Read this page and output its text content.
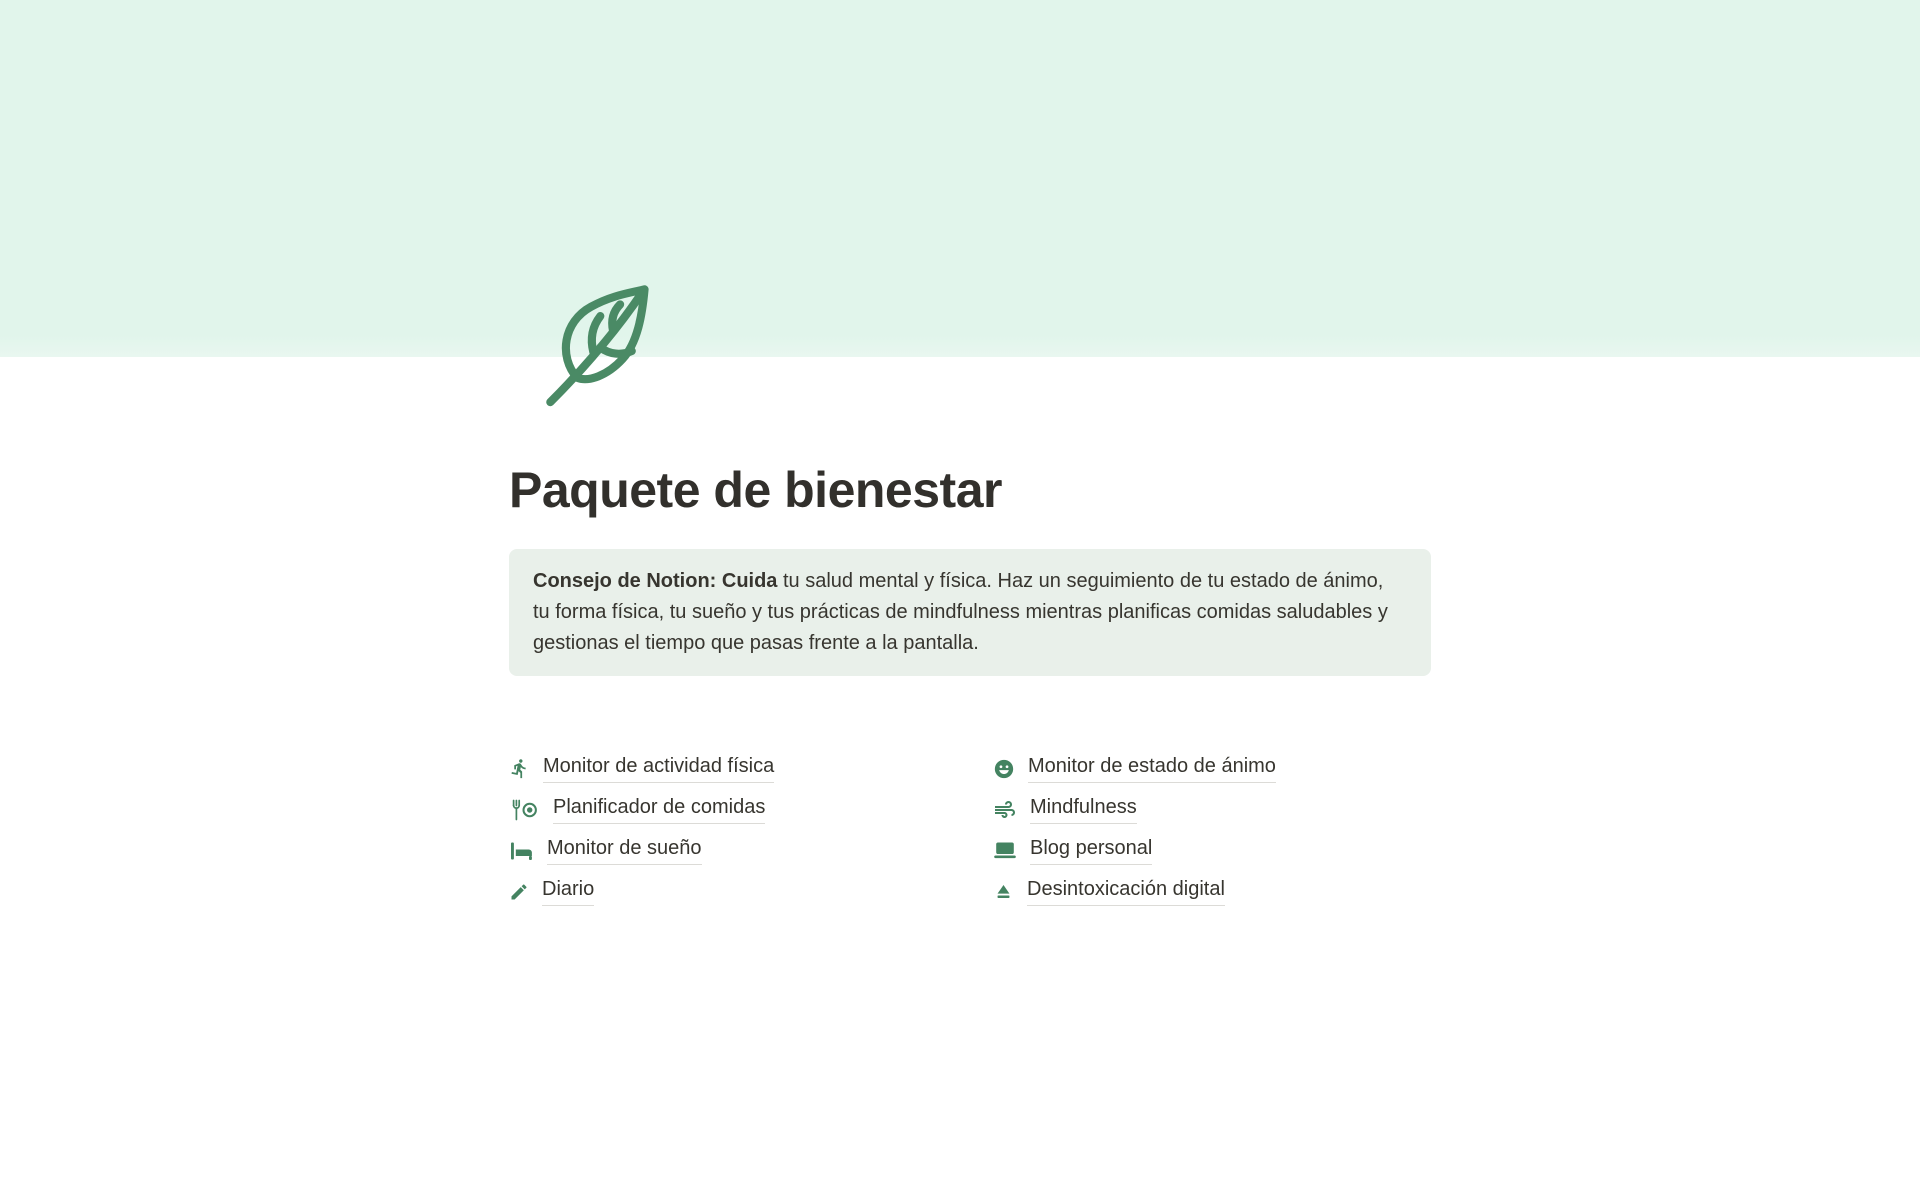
Paquete de bienestar
Consejo de Notion: Cuida tu salud mental y física. Haz un seguimiento de tu estado de ánimo, tu forma física, tu sueño y tus prácticas de mindfulness mientras planificas comidas saludables y gestionas el tiempo que pasas frente a la pantalla.
Monitor de actividad física
Planificador de comidas
Monitor de sueño
Diario
Monitor de estado de ánimo
Mindfulness
Blog personal
Desintoxicación digital
